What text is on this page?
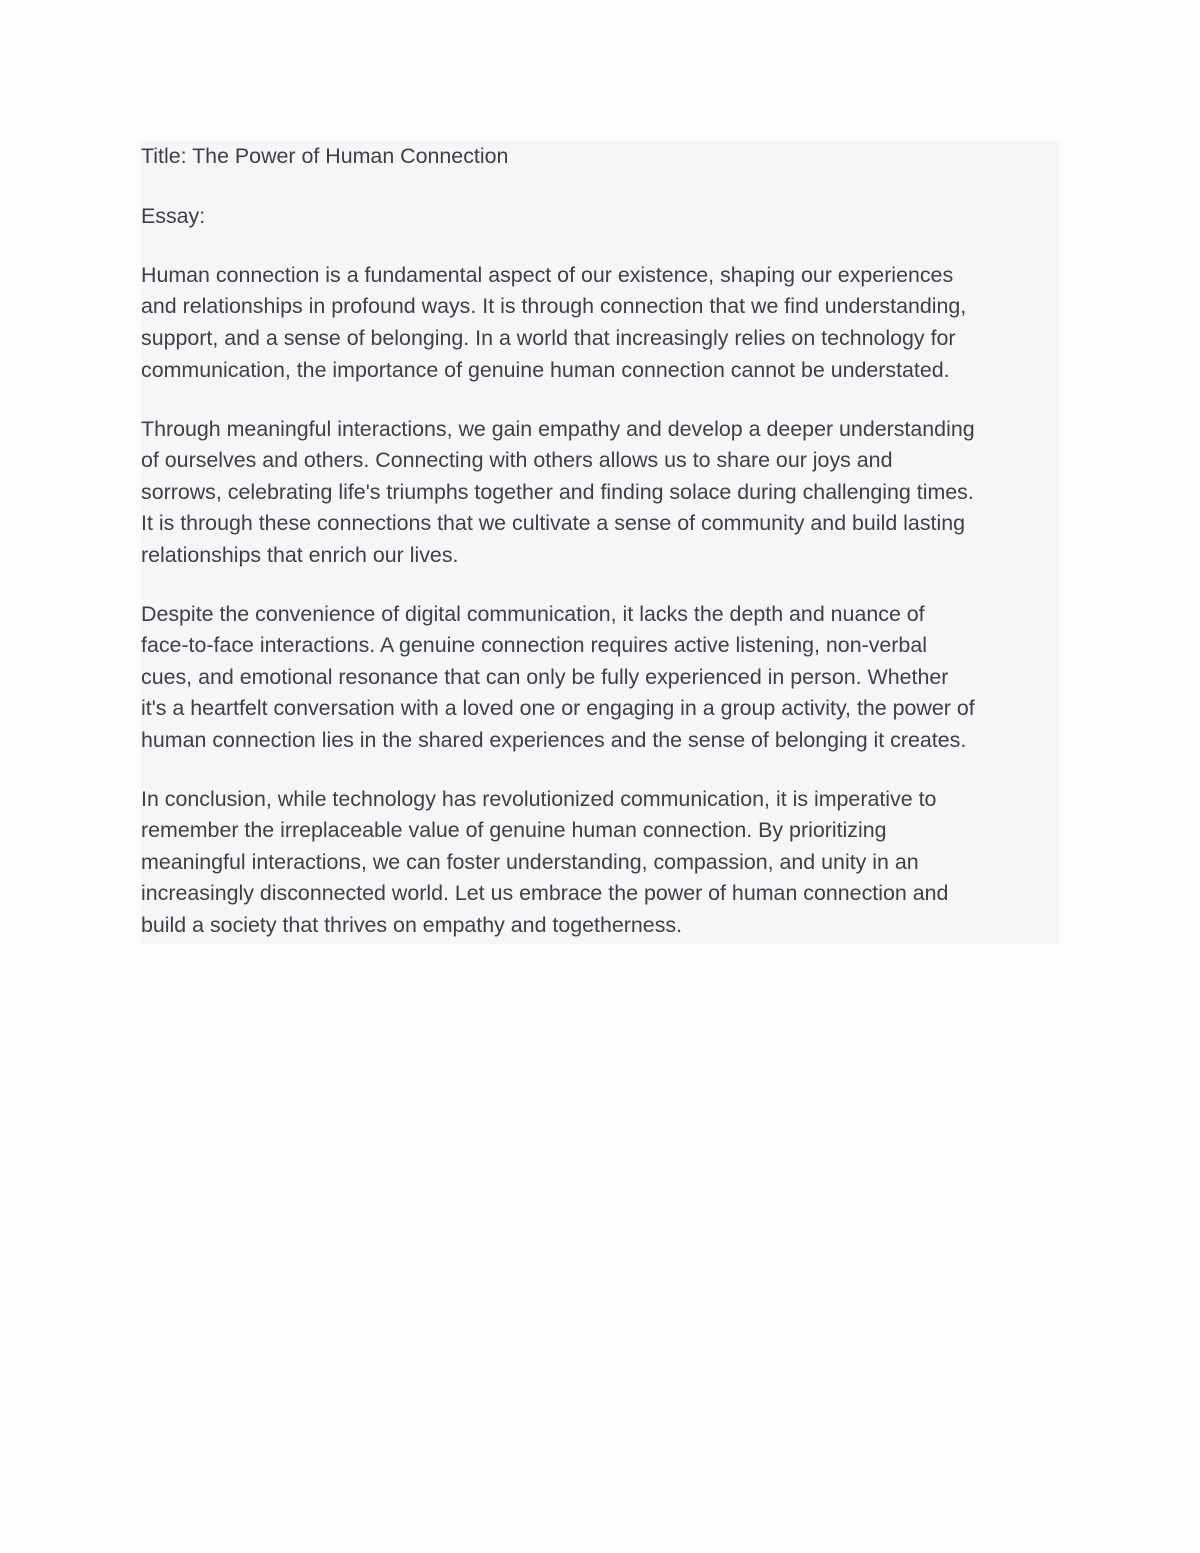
Title: The Power of Human Connection

Essay:

Human connection is a fundamental aspect of our existence, shaping our experiences

and relationships in profound ways. It is through connection that we find understanding,

support, and a sense of belonging. In a world that increasingly relies on technology for

communication, the importance of genuine human connection cannot be understated.

Through meaningful interactions, we gain empathy and develop a deeper understanding

of ourselves and others. Connecting with others allows us to share our joys and

sorrows, celebrating life's triumphs together and finding solace during challenging times.

It is through these connections that we cultivate a sense of community and build lasting

relationships that enrich our lives.

Despite the convenience of digital communication, it lacks the depth and nuance of

face-to-face interactions. A genuine connection requires active listening, non-verbal

cues, and emotional resonance that can only be fully experienced in person. Whether

it's a heartfelt conversation with a loved one or engaging in a group activity, the power of

human connection lies in the shared experiences and the sense of belonging it creates.

In conclusion, while technology has revolutionized communication, it is imperative to

remember the irreplaceable value of genuine human connection. By prioritizing

meaningful interactions, we can foster understanding, compassion, and unity in an

increasingly disconnected world. Let us embrace the power of human connection and

build a society that thrives on empathy and togetherness.
